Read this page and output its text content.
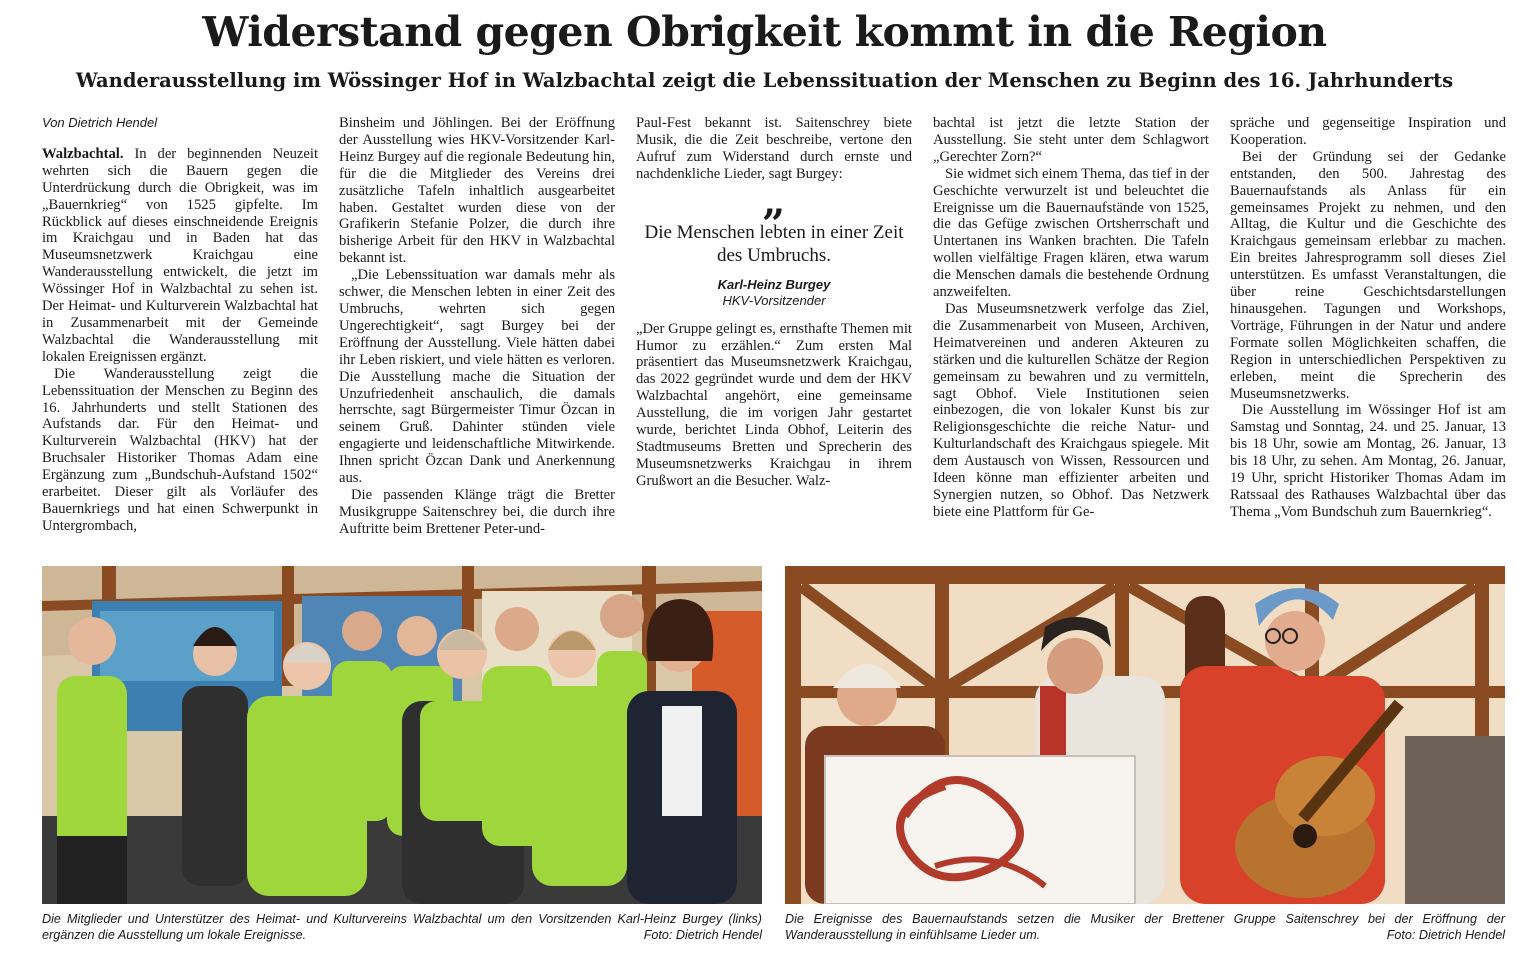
Widerstand gegen Obrigkeit kommt in die Region
Wanderausstellung im Wössinger Hof in Walzbachtal zeigt die Lebenssituation der Menschen zu Beginn des 16. Jahrhunderts
Von Dietrich Hendel

Walzbachtal. In der beginnenden Neuzeit wehrten sich die Bauern gegen die Unterdrückung durch die Obrigkeit, was im „Bauernkrieg“ von 1525 gipfelte. Im Rückblick auf dieses einschneidende Ereignis im Kraichgau und in Baden hat das Museumsnetzwerk Kraichgau eine Wanderausstellung entwickelt, die jetzt im Wössinger Hof in Walzbachtal zu sehen ist. Der Heimat- und Kulturverein Walzbachtal hat in Zusammenarbeit mit der Gemeinde Walzbachtal die Wanderausstellung mit lokalen Ereignissen ergänzt.

Die Wanderausstellung zeigt die Lebenssituation der Menschen zu Beginn des 16. Jahrhunderts und stellt Stationen des Aufstands dar. Für den Heimat- und Kulturverein Walzbachtal (HKV) hat der Bruchsaler Historiker Thomas Adam eine Ergänzung zum „Bundschuh-Aufstand 1502“ erarbeitet. Dieser gilt als Vorläufer des Bauernkriegs und hat einen Schwerpunkt in Untergrombach,

Binsheim und Jöhlingen. Bei der Eröffnung der Ausstellung wies HKV-Vorsitzender Karl-Heinz Burgey auf die regionale Bedeutung hin, für die die Mitglieder des Vereins drei zusätzliche Tafeln inhaltlich ausgearbeitet haben. Gestaltet wurden diese von der Grafikerin Stefanie Polzer, die durch ihre bisherige Arbeit für den HKV in Walzbachtal bekannt ist.

„Die Lebenssituation war damals mehr als schwer, die Menschen lebten in einer Zeit des Umbruchs, wehrten sich gegen Ungerechtigkeit“, sagt Burgey bei der Eröffnung der Ausstellung. Viele hätten dabei ihr Leben riskiert, und viele hätten es verloren. Die Ausstellung mache die Situation der Unzufriedenheit anschaulich, die damals herrschte, sagt Bürgermeister Timur Özcan in seinem Gruß. Dahinter stünden viele engagierte und leidenschaftliche Mitwirkende. Ihnen spricht Özcan Dank und Anerkennung aus.

Die passenden Klänge trägt die Bretter Musikgruppe Saitenschrey bei, die durch ihre Auftritte beim Brettener Peter-und-

Paul-Fest bekannt ist. Saitenschrey biete Musik, die die Zeit beschreibe, vertone den Aufruf zum Widerstand durch ernste und nachdenkliche Lieder, sagt Burgey:

„
Die Menschen lebten in einer Zeit des Umbruchs.
Karl-Heinz Burgey
HKV-Vorsitzender

„Der Gruppe gelingt es, ernsthafte Themen mit Humor zu erzählen.“ Zum ersten Mal präsentiert das Museumsnetzwerk Kraichgau, das 2022 gegründet wurde und dem der HKV Walzbachtal angehört, eine gemeinsame Ausstellung, die im vorigen Jahr gestartet wurde, berichtet Linda Obhof, Leiterin des Stadtmuseums Bretten und Sprecherin des Museumsnetzwerks Kraichgau in ihrem Grußwort an die Besucher. Walz-

bachtal ist jetzt die letzte Station der Ausstellung. Sie steht unter dem Schlagwort „Gerechter Zorn?“

Sie widmet sich einem Thema, das tief in der Geschichte verwurzelt ist und beleuchtet die Ereignisse um die Bauernaufstände von 1525, die das Gefüge zwischen Ortsherrschaft und Untertanen ins Wanken brachten. Die Tafeln wollen vielfältige Fragen klären, etwa warum die Menschen damals die bestehende Ordnung anzweifelten.

Das Museumsnetzwerk verfolge das Ziel, die Zusammenarbeit von Museen, Archiven, Heimatvereinen und anderen Akteuren zu stärken und die kulturellen Schätze der Region gemeinsam zu bewahren und zu vermitteln, sagt Obhof. Viele Institutionen seien einbezogen, die von lokaler Kunst bis zur Religionsgeschichte die reiche Natur- und Kulturlandschaft des Kraichgaus spiegele. Mit dem Austausch von Wissen, Ressourcen und Ideen könne man effizienter arbeiten und Synergien nutzen, so Obhof. Das Netzwerk biete eine Plattform für Ge-

spräche und gegenseitige Inspiration und Kooperation.

Bei der Gründung sei der Gedanke entstanden, den 500. Jahrestag des Bauernaufstands als Anlass für ein gemeinsames Projekt zu nehmen, und den Alltag, die Kultur und die Geschichte des Kraichgaus gemeinsam erlebbar zu machen. Ein breites Jahresprogramm soll dieses Ziel unterstützen. Es umfasst Veranstaltungen, die über reine Geschichtsdarstellungen hinausgehen. Tagungen und Workshops, Vorträge, Führungen in der Natur und andere Formate sollen Möglichkeiten schaffen, die Region in unterschiedlichen Perspektiven zu erleben, meint die Sprecherin des Museumsnetzwerks.

Die Ausstellung im Wössinger Hof ist am Samstag und Sonntag, 24. und 25. Januar, 13 bis 18 Uhr, sowie am Montag, 26. Januar, 13 bis 18 Uhr, zu sehen. Am Montag, 26. Januar, 19 Uhr, spricht Historiker Thomas Adam im Ratssaal des Rathauses Walzbachtal über das Thema „Vom Bundschuh zum Bauernkrieg“.

Die Mitglieder und Unterstützer des Heimat- und Kulturvereins Walzbachtal um den Vorsitzenden Karl-Heinz Burgey (links) ergänzen die Ausstellung um lokale Ereignisse.	Foto: Dietrich Hendel

Die Ereignisse des Bauernaufstands setzen die Musiker der Brettener Gruppe Saitenschrey bei der Eröffnung der Wanderausstellung in einfühlsame Lieder um.	Foto: Dietrich Hendel
